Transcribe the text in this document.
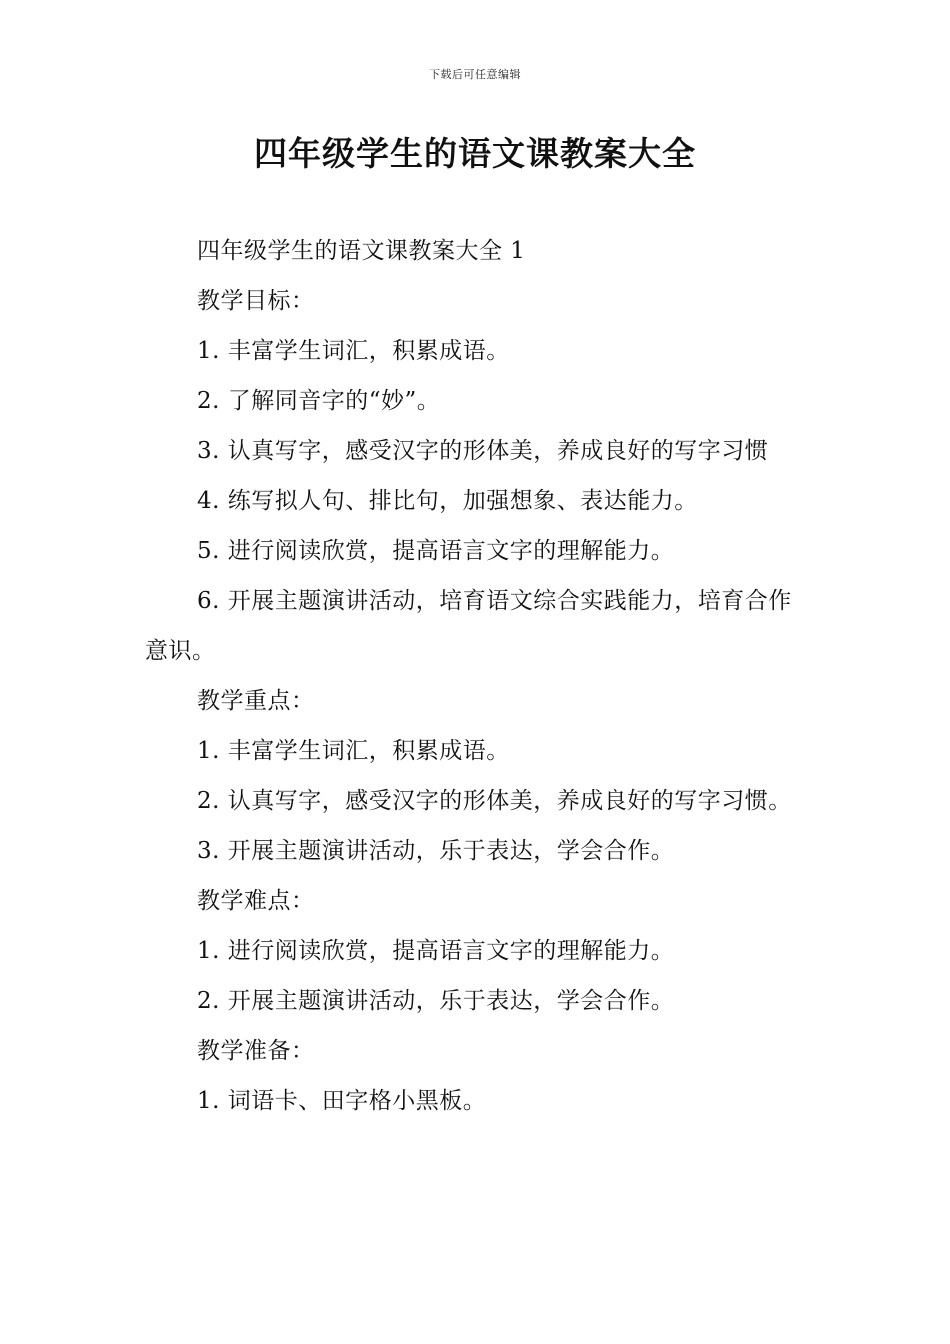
下载后可任意编辑
四年级学生的语文课教案大全

四年级学生的语文课教案大全 1

教学目标：

1. 丰富学生词汇，积累成语。

2. 了解同音字的“妙”。

3. 认真写字，感受汉字的形体美，养成良好的写字习惯

4. 练写拟人句、排比句，加强想象、表达能力。

5. 进行阅读欣赏，提高语言文字的理解能力。

6. 开展主题演讲活动，培育语文综合实践能力，培育合作意识。

教学重点：

1. 丰富学生词汇，积累成语。

2. 认真写字，感受汉字的形体美，养成良好的写字习惯。

3. 开展主题演讲活动，乐于表达，学会合作。

教学难点：

1. 进行阅读欣赏，提高语言文字的理解能力。

2. 开展主题演讲活动，乐于表达，学会合作。

教学准备：

1. 词语卡、田字格小黑板。
